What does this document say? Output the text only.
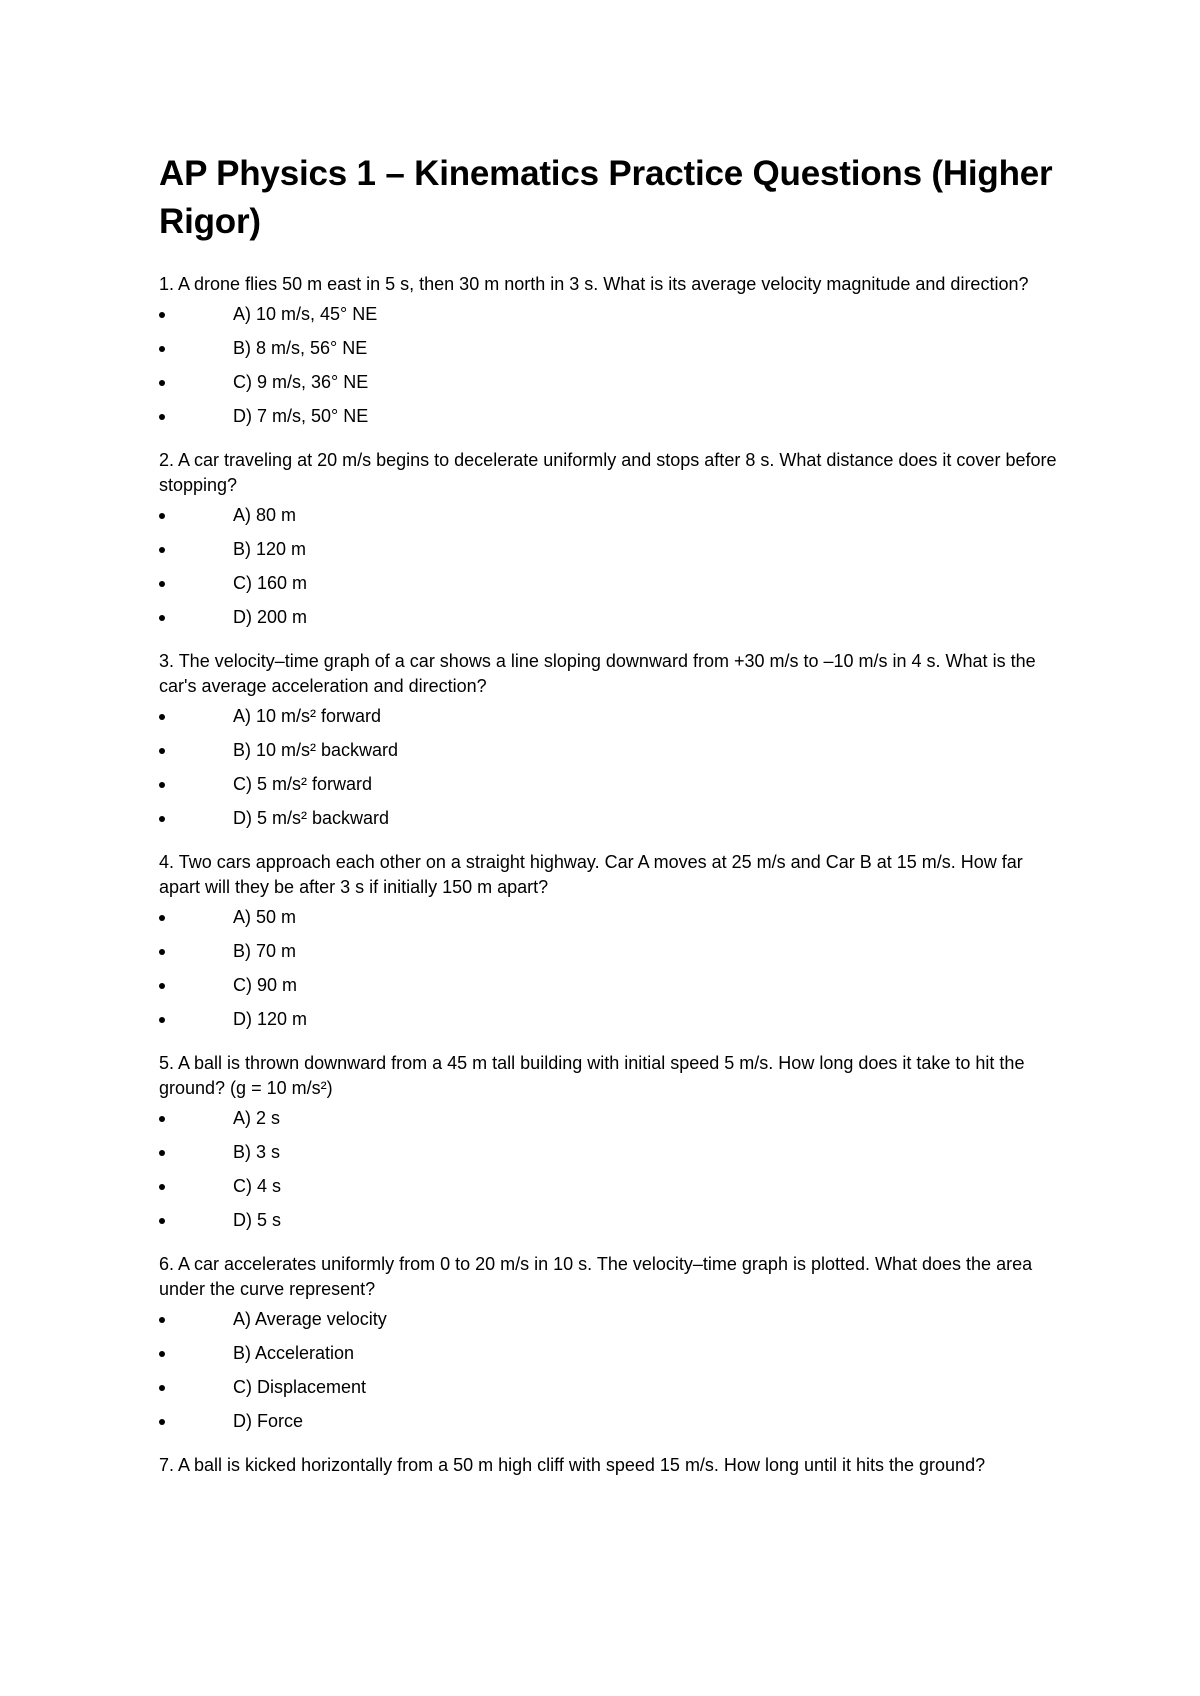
AP Physics 1 – Kinematics Practice Questions (Higher Rigor)

1. A drone flies 50 m east in 5 s, then 30 m north in 3 s. What is its average velocity magnitude and direction?

A) 10 m/s, 45° NE
B) 8 m/s, 56° NE
C) 9 m/s, 36° NE
D) 7 m/s, 50° NE

2. A car traveling at 20 m/s begins to decelerate uniformly and stops after 8 s. What distance does it cover before stopping?

A) 80 m
B) 120 m
C) 160 m
D) 200 m

3. The velocity–time graph of a car shows a line sloping downward from +30 m/s to –10 m/s in 4 s. What is the car's average acceleration and direction?

A) 10 m/s² forward
B) 10 m/s² backward
C) 5 m/s² forward
D) 5 m/s² backward

4. Two cars approach each other on a straight highway. Car A moves at 25 m/s and Car B at 15 m/s. How far apart will they be after 3 s if initially 150 m apart?

A) 50 m
B) 70 m
C) 90 m
D) 120 m

5. A ball is thrown downward from a 45 m tall building with initial speed 5 m/s. How long does it take to hit the ground? (g = 10 m/s²)

A) 2 s
B) 3 s
C) 4 s
D) 5 s

6. A car accelerates uniformly from 0 to 20 m/s in 10 s. The velocity–time graph is plotted. What does the area under the curve represent?

A) Average velocity
B) Acceleration
C) Displacement
D) Force

7. A ball is kicked horizontally from a 50 m high cliff with speed 15 m/s. How long until it hits the ground?
